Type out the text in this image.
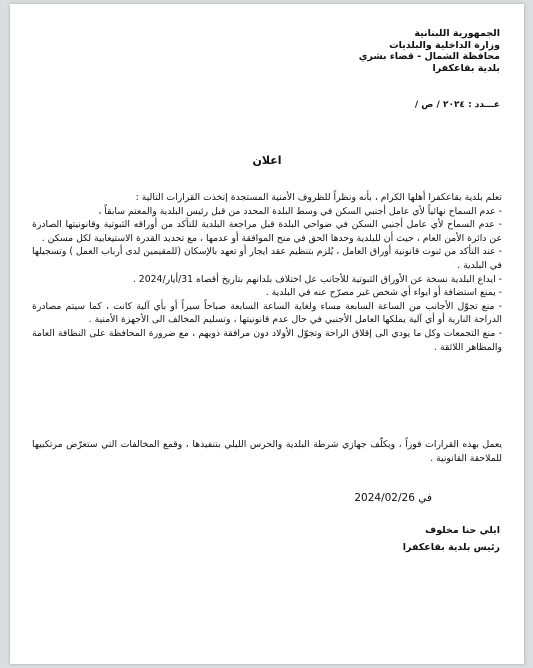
الجمهورية اللبنانية
وزارة الداخلية والبلديات
محافظة الشمال - قضاء بشري
بلدية بقاعكفرا
عـــدد : ٢٠٢٤ / ص /
اعلان

تعلم بلدية بقاعكفرا أهلها الكرام ، بأنه ونظراً للظروف الأمنية المستجدة إتخذت القرارات التالية :

- عدم السماح نهائياً لأي عامل أجنبي السكن في وسط البلدة المحدد من قبل رئيس البلدية والمعتم سابقاً ،

- عدم السماح لأي عامل أجنبي السكن في ضواحي البلدة قبل مراجعة البلدية للتأكد من أوراقه الثبوتية وقانونيتها الصادرة عن دائرة الأمن العام ، حيث أن للبلدية وحدها الحق في منح الموافقة أو عدمها ، مع تحديد القدرة الاستيعابية لكل مسكن .

- عند التأكد من ثبوت قانونية أوراق العامل ، يُلزم بتنظيم عقد ايجار أو تعهد بالإسكان (للمقيمين لدى أرباب العمل ) وتسجيلها في البلدية .

- ايداع البلدية نسخة عن الأوراق الثبوتية للأجانب عل اختلاف بلدانهم بتاريخ أقصاه 31/أيار/2024 .

- يمنع استضافة أو ايواء أي شخص غير مصرّح عنه في البلدية .

- منع تجوّل الأجانب من الساعة السابعة مساء ولغاية الساعة السابعة صباحاً سيراً أو بأي آلية كانت ، كما سيتم مصادرة الدراجة النارية أو أي آلية يملكها العامل الأجنبي في حال عدم قانونيتها ، وتسليم المخالف الى الأجهزة الأمنية .

- منع التجمعات وكل ما يودي الى إقلاق الراحة وتجوّل الأولاد دون مرافقة ذويهم ، مع ضرورة المحافظة على النظافة العامة والمظاهر اللائقة .

يعمل بهذه القرارات فوراً ، ويكلّف جهازي شرطة البلدية والحرس الليلي بتنفيذها ، وقمع المخالفات التي ستعرّض مرتكبيها للملاحقة القانونية .
في 2024/02/26
ايلي حنا مخلوف
رئيس بلدية بقاعكفرا
